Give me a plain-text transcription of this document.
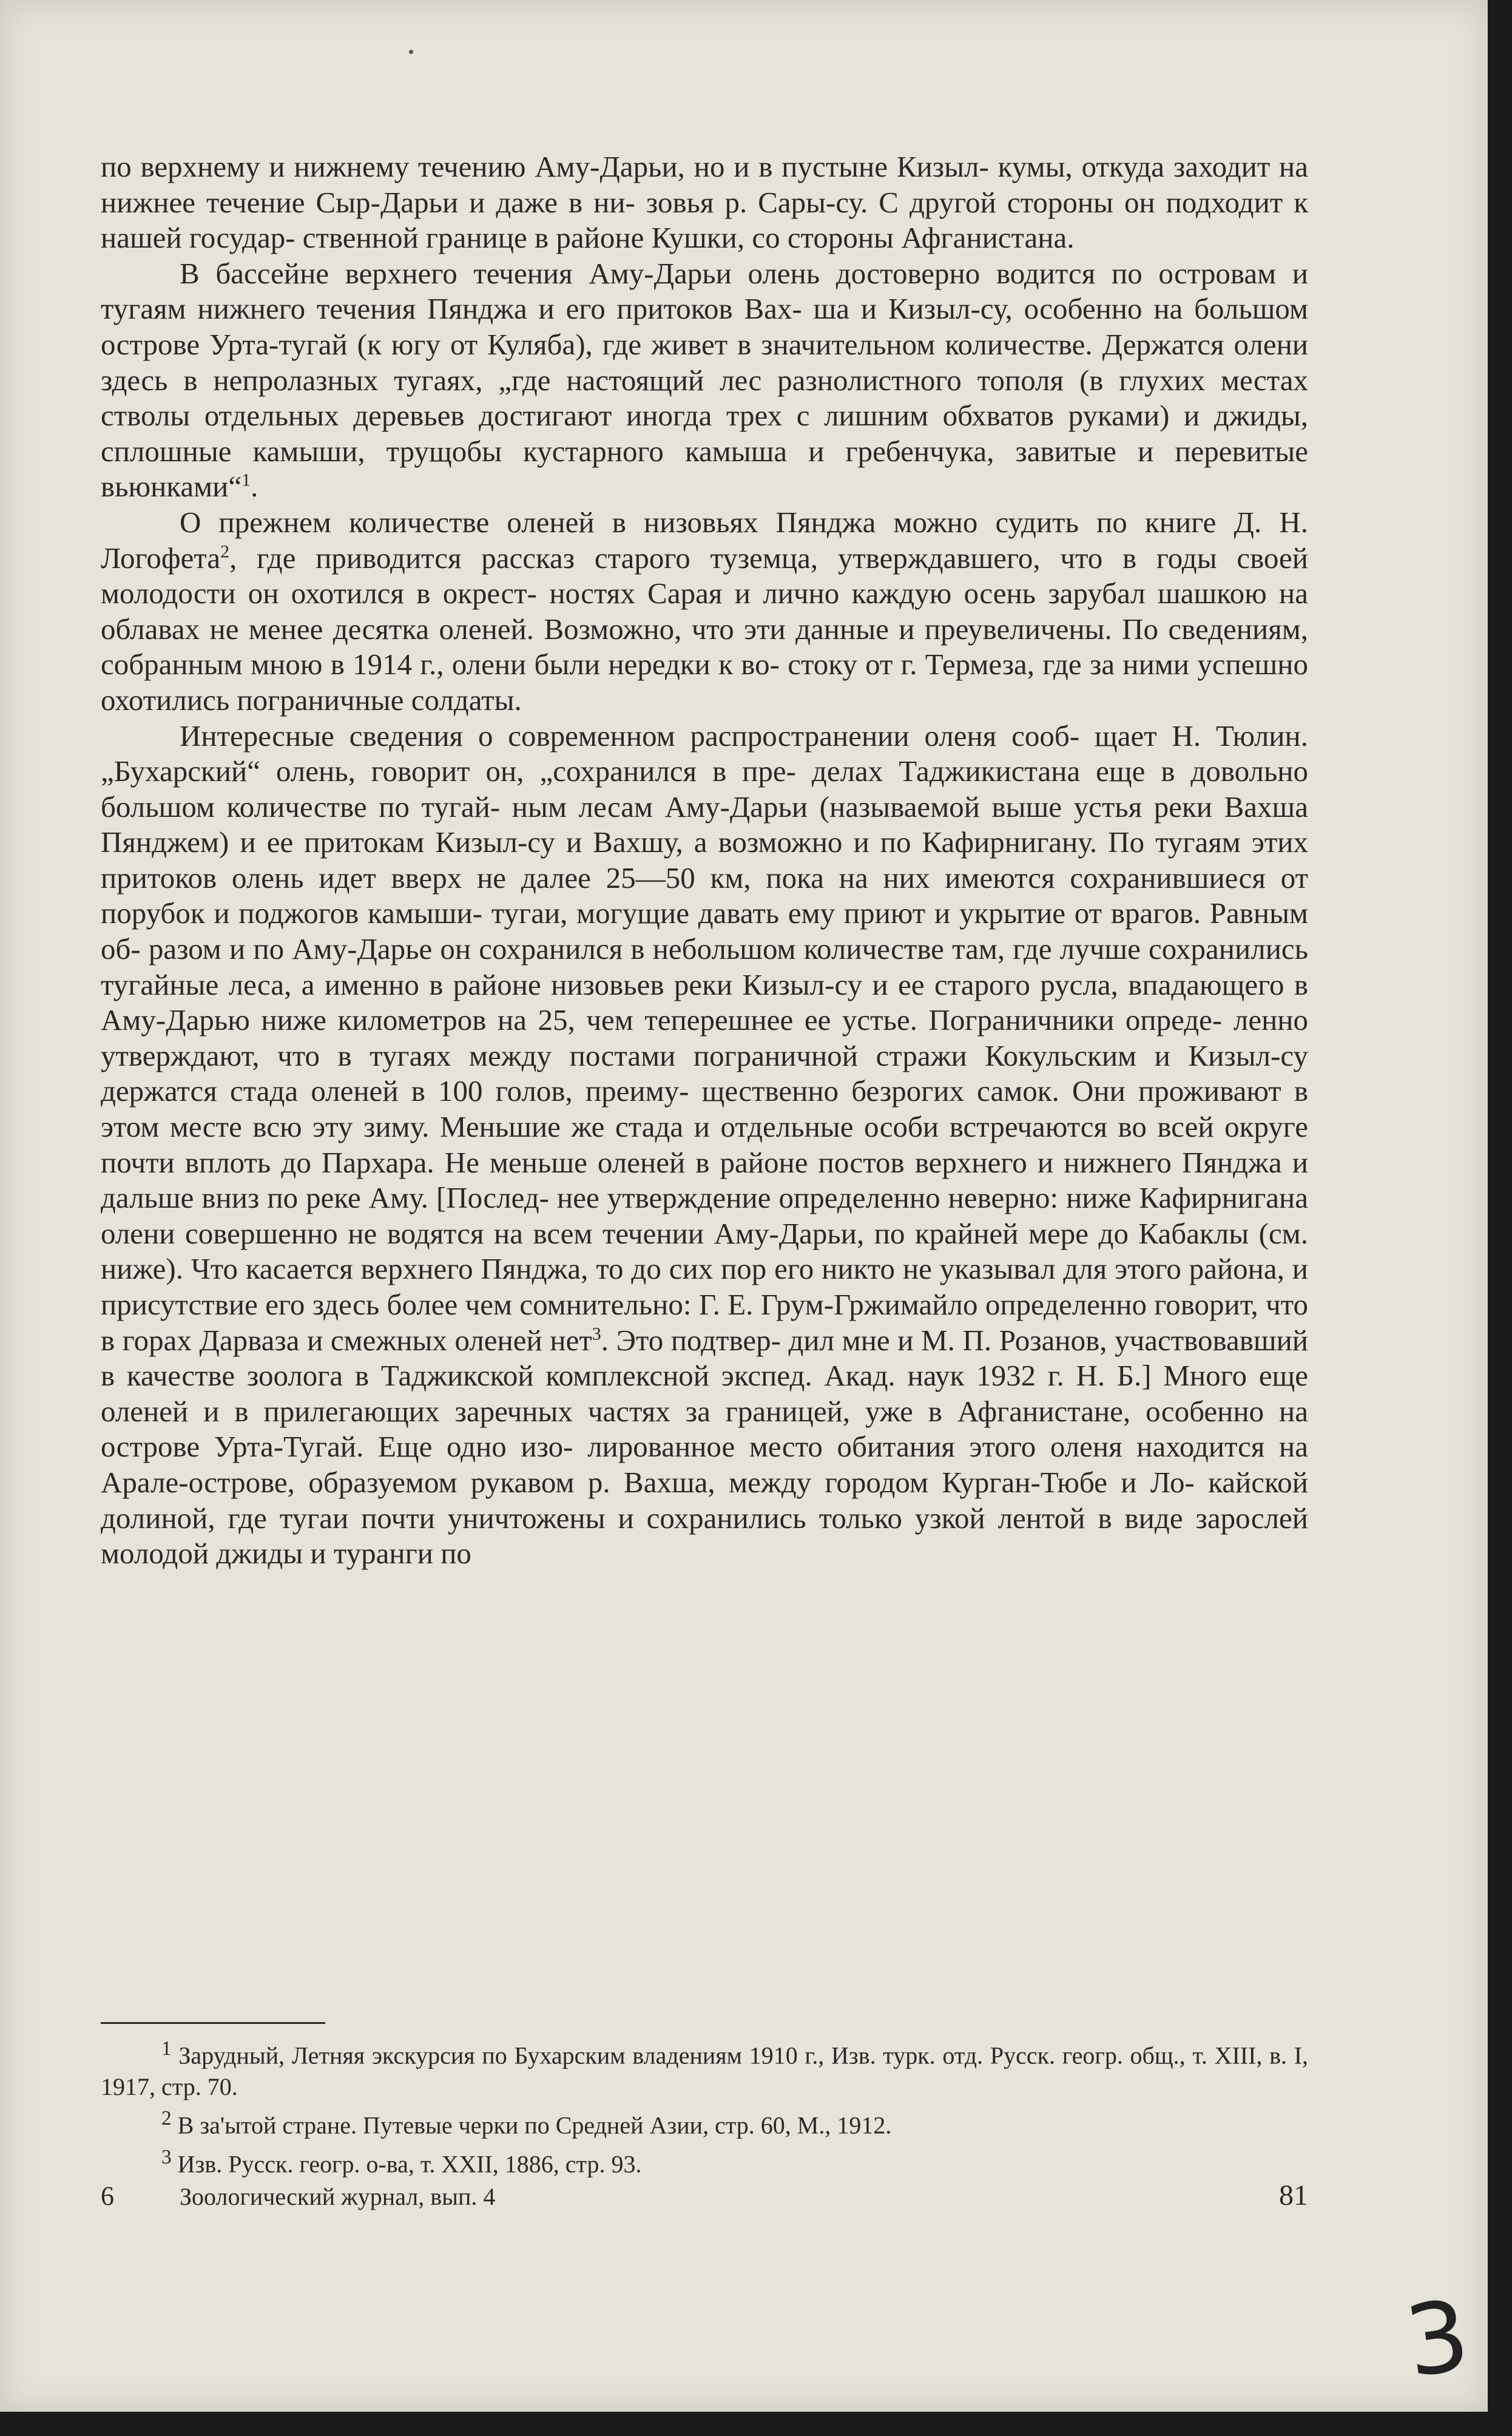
по верхнему и нижнему течению Аму-Дарьи, но и в пустыне Кизыл- кумы, откуда заходит на нижнее течение Сыр-Дарьи и даже в ни- зовья р. Сары-су. С другой стороны он подходит к нашей государ- ственной границе в районе Кушки, со стороны Афганистана.

В бассейне верхнего течения Аму-Дарьи олень достоверно водится по островам и тугаям нижнего течения Пянджа и его притоков Вах- ша и Кизыл-су, особенно на большом острове Урта-тугай (к югу от Куляба), где живет в значительном количестве. Держатся олени здесь в непролазных тугаях, „где настоящий лес разнолистного тополя (в глухих местах стволы отдельных деревьев достигают иногда трех с лишним обхватов руками) и джиды, сплошные камыши, трущобы кустарного камыша и гребенчука, завитые и перевитые вьюнками“$^1$.

О прежнем количестве оленей в низовьях Пянджа можно судить по книге Д. Н. Логофета$^2$, где приводится рассказ старого туземца, утверждавшего, что в годы своей молодости он охотился в окрест- ностях Сарая и лично каждую осень зарубал шашкою на облавах не менее десятка оленей. Возможно, что эти данные и преувеличены. По сведениям, собранным мною в 1914 г., олени были нередки к во- стоку от г. Термеза, где за ними успешно охотились пограничные солдаты.

Интересные сведения о современном распространении оленя сооб- щает Н. Тюлин. „Бухарский“ олень, говорит он, „сохранился в пре- делах Таджикистана еще в довольно большом количестве по тугай- ным лесам Аму-Дарьи (называемой выше устья реки Вахша Пянджем) и ее притокам Кизыл-су и Вахшу, а возможно и по Кафирнигану. По тугаям этих притоков олень идет вверх не далее 25—50 км, пока на них имеются сохранившиеся от порубок и поджогов камыши- тугаи, могущие давать ему приют и укрытие от врагов. Равным об- разом и по Аму-Дарье он сохранился в небольшом количестве там, где лучше сохранились тугайные леса, а именно в районе низовьев реки Кизыл-су и ее старого русла, впадающего в Аму-Дарью ниже километров на 25, чем теперешнее ее устье. Пограничники опреде- ленно утверждают, что в тугаях между постами пограничной стражи Кокульским и Кизыл-су держатся стада оленей в 100 голов, преиму- щественно безрогих самок. Они проживают в этом месте всю эту зиму. Меньшие же стада и отдельные особи встречаются во всей округе почти вплоть до Пархара. Не меньше оленей в районе постов верхнего и нижнего Пянджа и дальше вниз по реке Аму. [Послед- нее утверждение определенно неверно: ниже Кафирнигана олени совершенно не водятся на всем течении Аму-Дарьи, по крайней мере до Кабаклы (см. ниже). Что касается верхнего Пянджа, то до сих пор его никто не указывал для этого района, и присутствие его здесь более чем сомнительно: Г. Е. Грум-Гржимайло определенно говорит, что в горах Дарваза и смежных оленей нет$^3$. Это подтвер- дил мне и М. П. Розанов, участвовавший в качестве зоолога в Таджикской комплексной экспед. Акад. наук 1932 г. Н. Б.] Много еще оленей и в прилегающих заречных частях за границей, уже в Афганистане, особенно на острове Урта-Тугай. Еще одно изо- лированное место обитания этого оленя находится на Арале-острове, образуемом рукавом р. Вахша, между городом Курган-Тюбе и Ло- кайской долиной, где тугаи почти уничтожены и сохранились только узкой лентой в виде зарослей молодой джиды и туранги по

$^1$ Зарудный, Летняя экскурсия по Бухарским владениям 1910 г., Изв. турк. отд. Русск. геогр. общ., т. XIII, в. I, 1917, стр. 70.

$^2$ В за'ытой стране. Путевые черки по Средней Азии, стр. 60, М., 1912.

$^3$ Изв. Русск. геогр. о-ва, т. XXII, 1886, стр. 93.

6	Зоологический журнал, вып. 4	81
3
